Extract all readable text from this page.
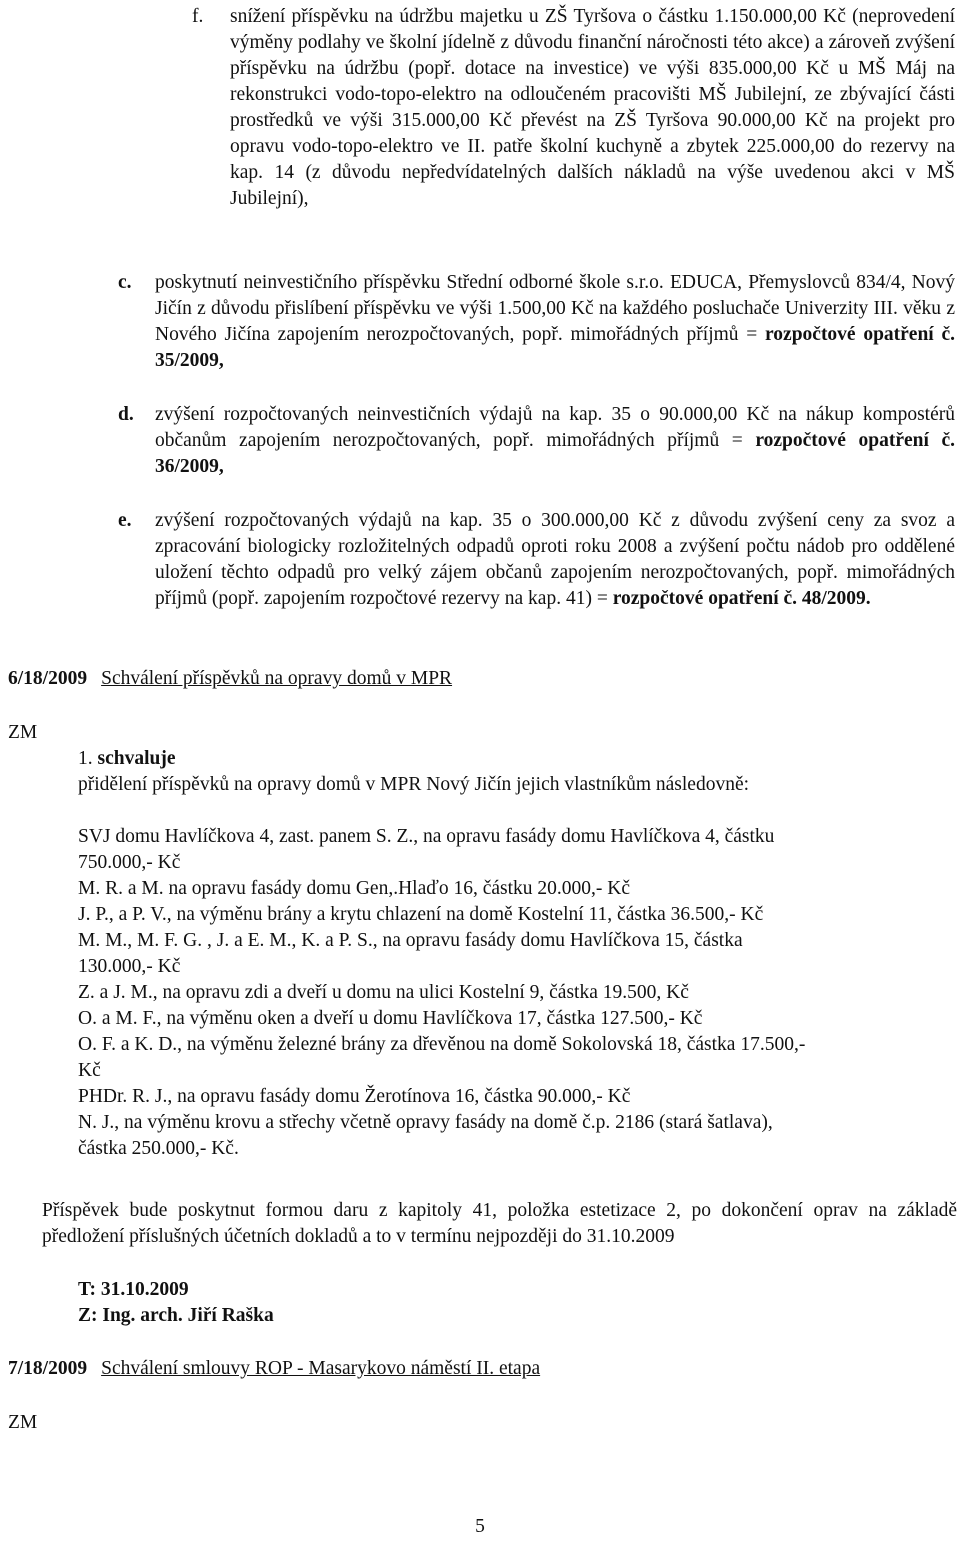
f. snížení příspěvku na údržbu majetku u ZŠ Tyršova o částku 1.150.000,00 Kč (neprovedení výměny podlahy ve školní jídelně z důvodu finanční náročnosti této akce) a zároveň zvýšení příspěvku na údržbu (popř. dotace na investice) ve výši 835.000,00 Kč u MŠ Máj na rekonstrukci vodo-topo-elektro na odloučeném pracovišti MŠ Jubilejní, ze zbývající části prostředků ve výši 315.000,00 Kč převést na ZŠ Tyršova 90.000,00 Kč na projekt pro opravu vodo-topo-elektro ve II. patře školní kuchyně a zbytek 225.000,00 do rezervy na kap. 14 (z důvodu nepředvídatelných dalších nákladů na výše uvedenou akci v MŠ Jubilejní),
c. poskytnutí neinvestičního příspěvku Střední odborné škole s.r.o. EDUCA, Přemyslovců 834/4, Nový Jičín z důvodu přislíbení příspěvku ve výši 1.500,00 Kč na každého posluchače Univerzity III. věku z Nového Jičína zapojením nerozpočtovaných, popř. mimořádných příjmů = rozpočtové opatření č. 35/2009,
d. zvýšení rozpočtovaných neinvestičních výdajů na kap. 35 o 90.000,00 Kč na nákup kompostérů občanům zapojením nerozpočtovaných, popř. mimořádných příjmů = rozpočtové opatření č. 36/2009,
e. zvýšení rozpočtovaných výdajů na kap. 35 o 300.000,00 Kč z důvodu zvýšení ceny za svoz a zpracování biologicky rozložitelných odpadů oproti roku 2008 a zvýšení počtu nádob pro oddělené uložení těchto odpadů pro velký zájem občanů zapojením nerozpočtovaných, popř. mimořádných příjmů (popř. zapojením rozpočtové rezervy na kap. 41) = rozpočtové opatření č. 48/2009.
6/18/2009 Schválení příspěvků na opravy domů v MPR
ZM
1. schvaluje
přidělení příspěvků na opravy domů v MPR Nový Jičín jejich vlastníkům následovně:
SVJ domu Havlíčkova 4, zast. panem S. Z., na opravu fasády domu Havlíčkova 4, částku
750.000,- Kč
M. R. a M. na opravu fasády domu Gen,.Hlaďo 16, částku 20.000,- Kč
J. P., a P. V., na výměnu brány a krytu chlazení na domě Kostelní 11, částka 36.500,- Kč
M. M., M. F. G. , J. a E. M., K. a P. S., na opravu fasády domu Havlíčkova 15, částka
130.000,- Kč
Z. a J. M., na opravu zdi a dveří u domu na ulici Kostelní 9, částka 19.500, Kč
O. a M. F., na výměnu oken a dveří u domu Havlíčkova 17, částka 127.500,- Kč
O. F. a K. D., na výměnu železné brány za dřevěnou na domě Sokolovská 18, částka 17.500,-
Kč
PHDr. R. J., na opravu fasády domu Žerotínova 16, částka 90.000,- Kč
N. J., na výměnu krovu a střechy včetně opravy fasády na domě č.p. 2186 (stará šatlava),
částka 250.000,- Kč.
Příspěvek bude poskytnut formou daru z kapitoly 41, položka estetizace 2, po dokončení oprav na základě předložení příslušných účetních dokladů a to v termínu nejpozději do 31.10.2009
T: 31.10.2009
Z: Ing. arch. Jiří Raška
7/18/2009 Schválení smlouvy ROP - Masarykovo náměstí II. etapa
ZM
5
